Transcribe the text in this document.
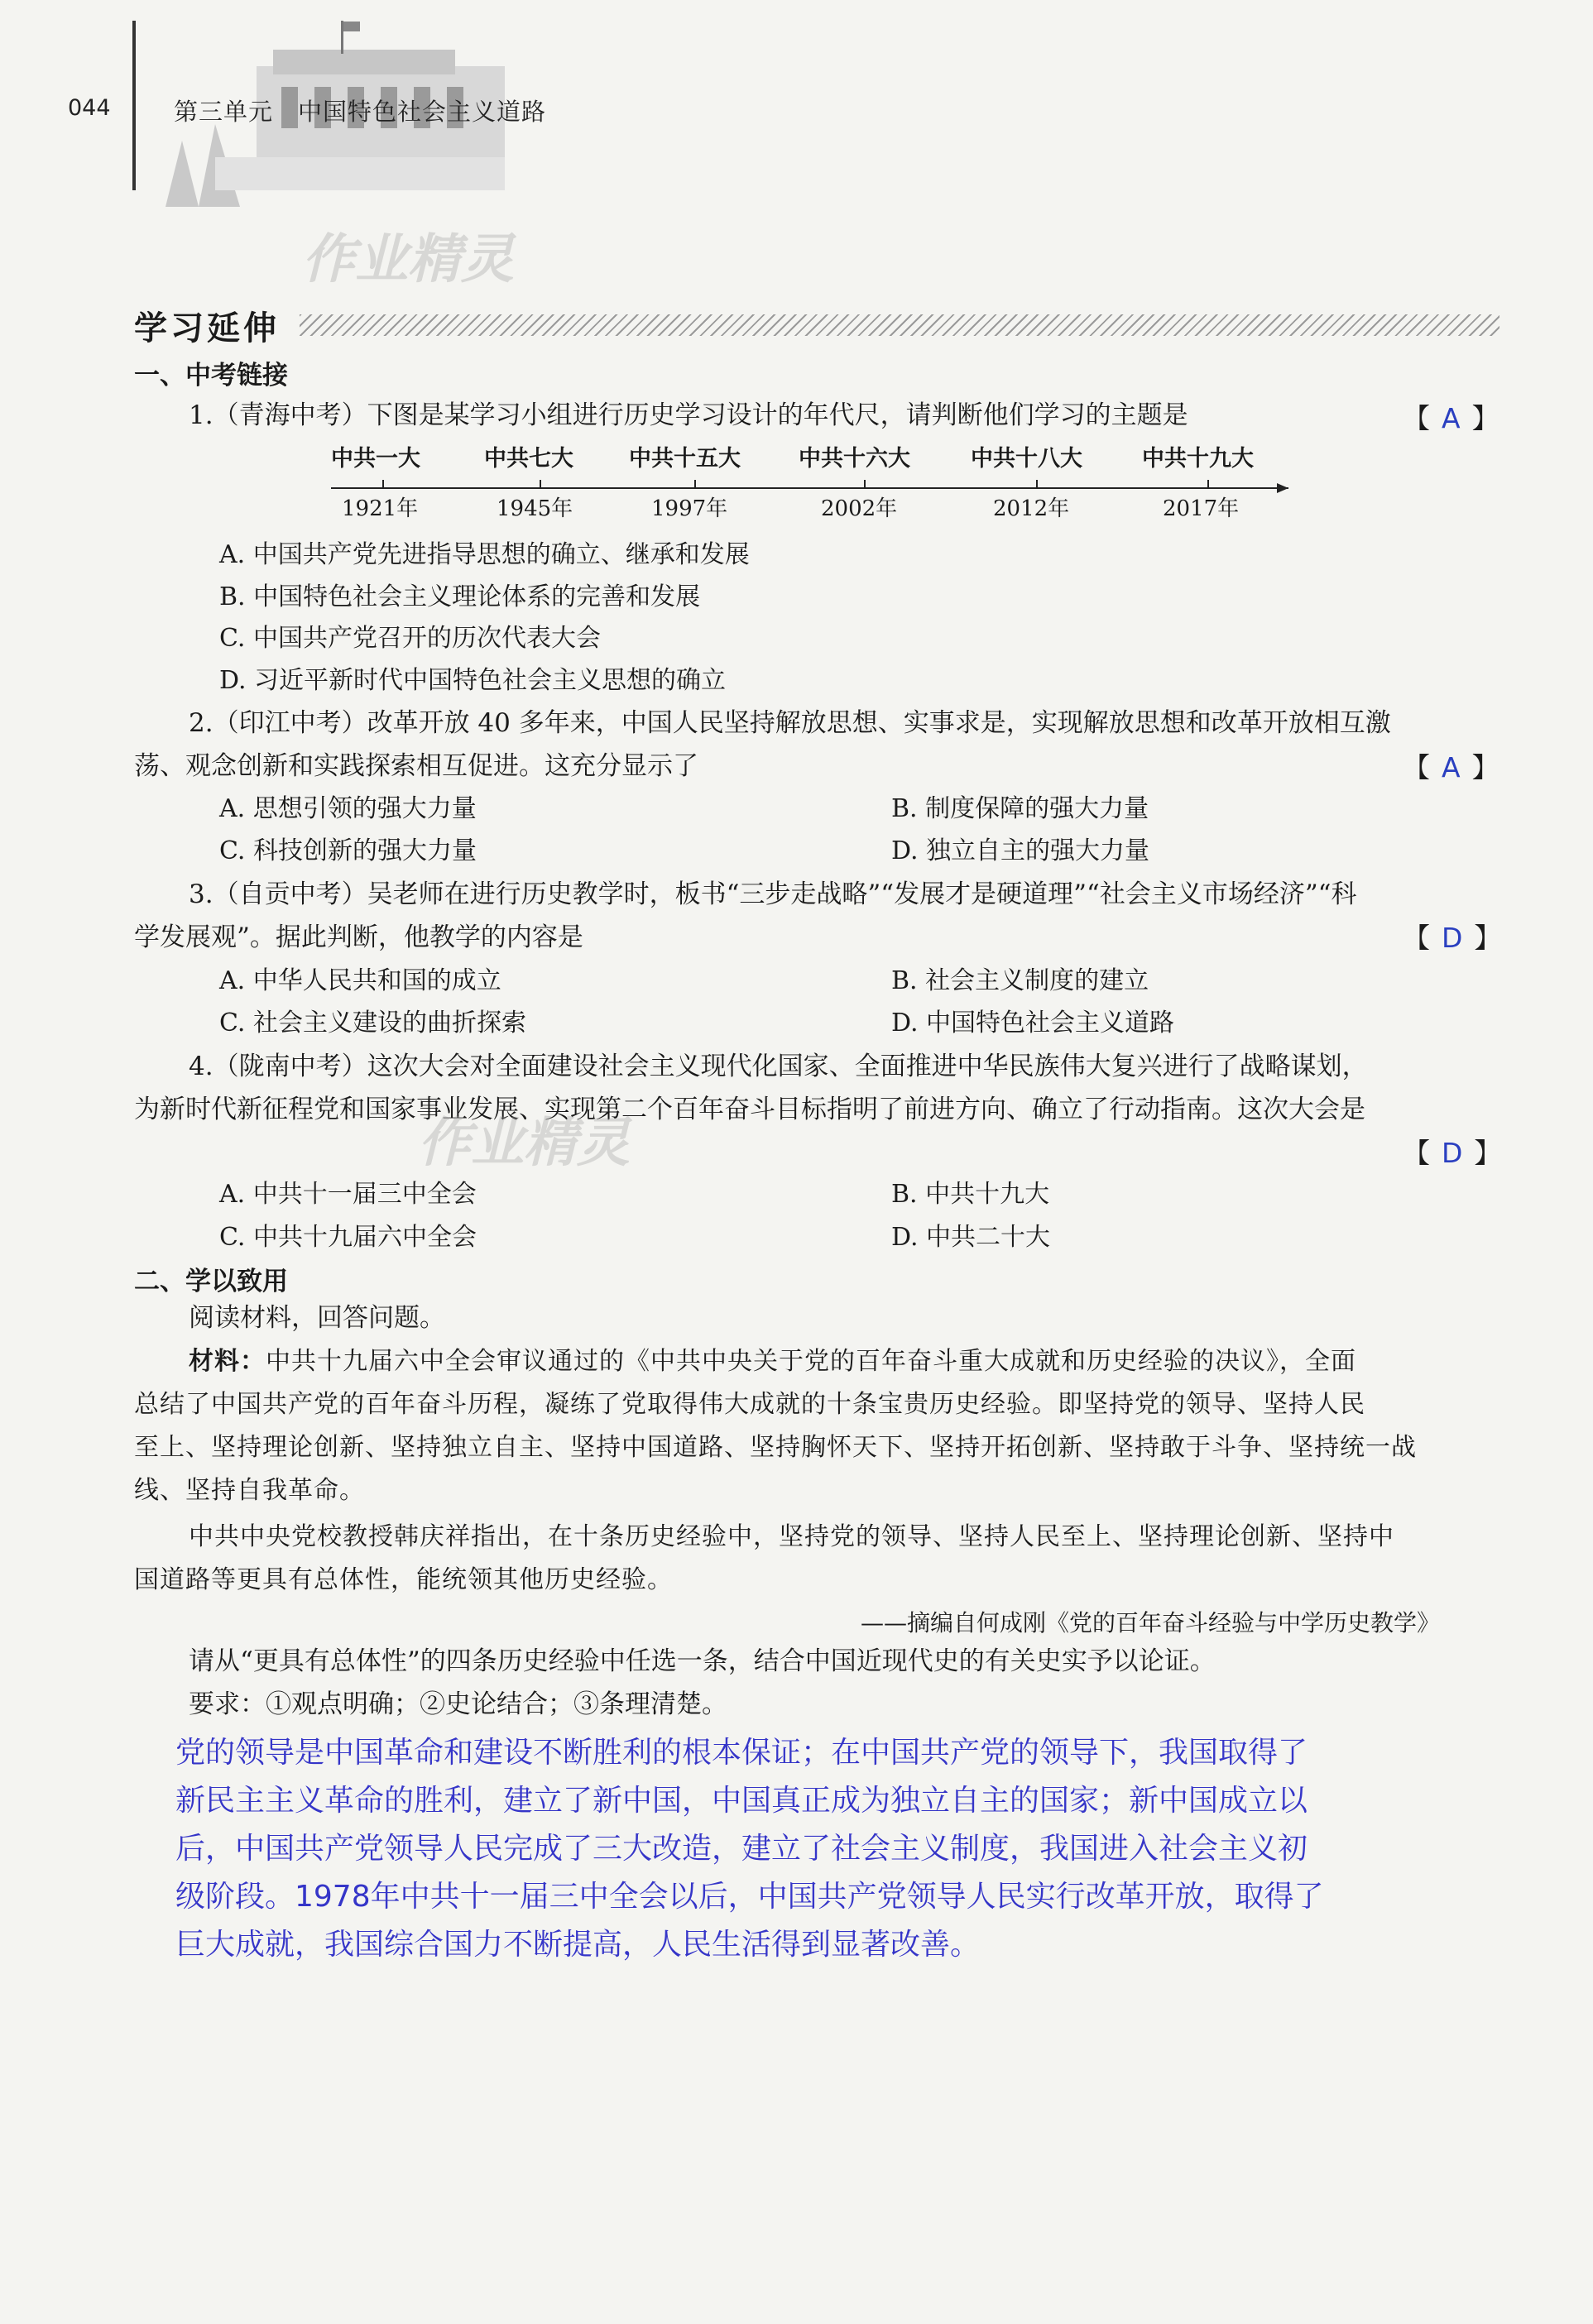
044	第三单元　中国特色社会主义道路
作业精灵
学习延伸
一、中考链接
1.（青海中考）下图是某学习小组进行历史学习设计的年代尺，请判断他们学习的主题是	【 A 】
中共一大	中共七大 中共十五大	中共十六大	中共十八大	中共十九大
1921年	1945年	1997年	2002年	2012年	2017年
A. 中国共产党先进指导思想的确立、继承和发展
B. 中国特色社会主义理论体系的完善和发展
C. 中国共产党召开的历次代表大会
D. 习近平新时代中国特色社会主义思想的确立
2.（印江中考）改革开放 40 多年来，中国人民坚持解放思想、实事求是，实现解放思想和改革开放相互激
荡、观念创新和实践探索相互促进。这充分显示了	【 A 】
A. 思想引领的强大力量	B. 制度保障的强大力量
C. 科技创新的强大力量	D. 独立自主的强大力量
3.（自贡中考）吴老师在进行历史教学时，板书“三步走战略”“发展才是硬道理”“社会主义市场经济”“科
学发展观”。据此判断，他教学的内容是	【 D 】
A. 中华人民共和国的成立	B. 社会主义制度的建立
C. 社会主义建设的曲折探索	D. 中国特色社会主义道路
4.（陇南中考）这次大会对全面建设社会主义现代化国家、全面推进中华民族伟大复兴进行了战略谋划，
为新时代新征程党和国家事业发展、实现第二个百年奋斗目标指明了前进方向、确立了行动指南。这次大会是
作业精灵	【 D 】
A. 中共十一届三中全会	B. 中共十九大
C. 中共十九届六中全会	D. 中共二十大
二、学以致用
阅读材料，回答问题。
材料：中共十九届六中全会审议通过的《中共中央关于党的百年奋斗重大成就和历史经验的决议》，全面
总结了中国共产党的百年奋斗历程，凝练了党取得伟大成就的十条宝贵历史经验。即坚持党的领导、坚持人民
至上、坚持理论创新、坚持独立自主、坚持中国道路、坚持胸怀天下、坚持开拓创新、坚持敢于斗争、坚持统一战
线、坚持自我革命。
中共中央党校教授韩庆祥指出，在十条历史经验中，坚持党的领导、坚持人民至上、坚持理论创新、坚持中
国道路等更具有总体性，能统领其他历史经验。
——摘编自何成刚《党的百年奋斗经验与中学历史教学》
请从“更具有总体性”的四条历史经验中任选一条，结合中国近现代史的有关史实予以论证。
要求：①观点明确；②史论结合；③条理清楚。
党的领导是中国革命和建设不断胜利的根本保证；在中国共产党的领导下，我国取得了
新民主主义革命的胜利，建立了新中国，中国真正成为独立自主的国家；新中国成立以
后，中国共产党领导人民完成了三大改造，建立了社会主义制度，我国进入社会主义初
级阶段。1978年中共十一届三中全会以后，中国共产党领导人民实行改革开放，取得了
巨大成就，我国综合国力不断提高，人民生活得到显著改善。
